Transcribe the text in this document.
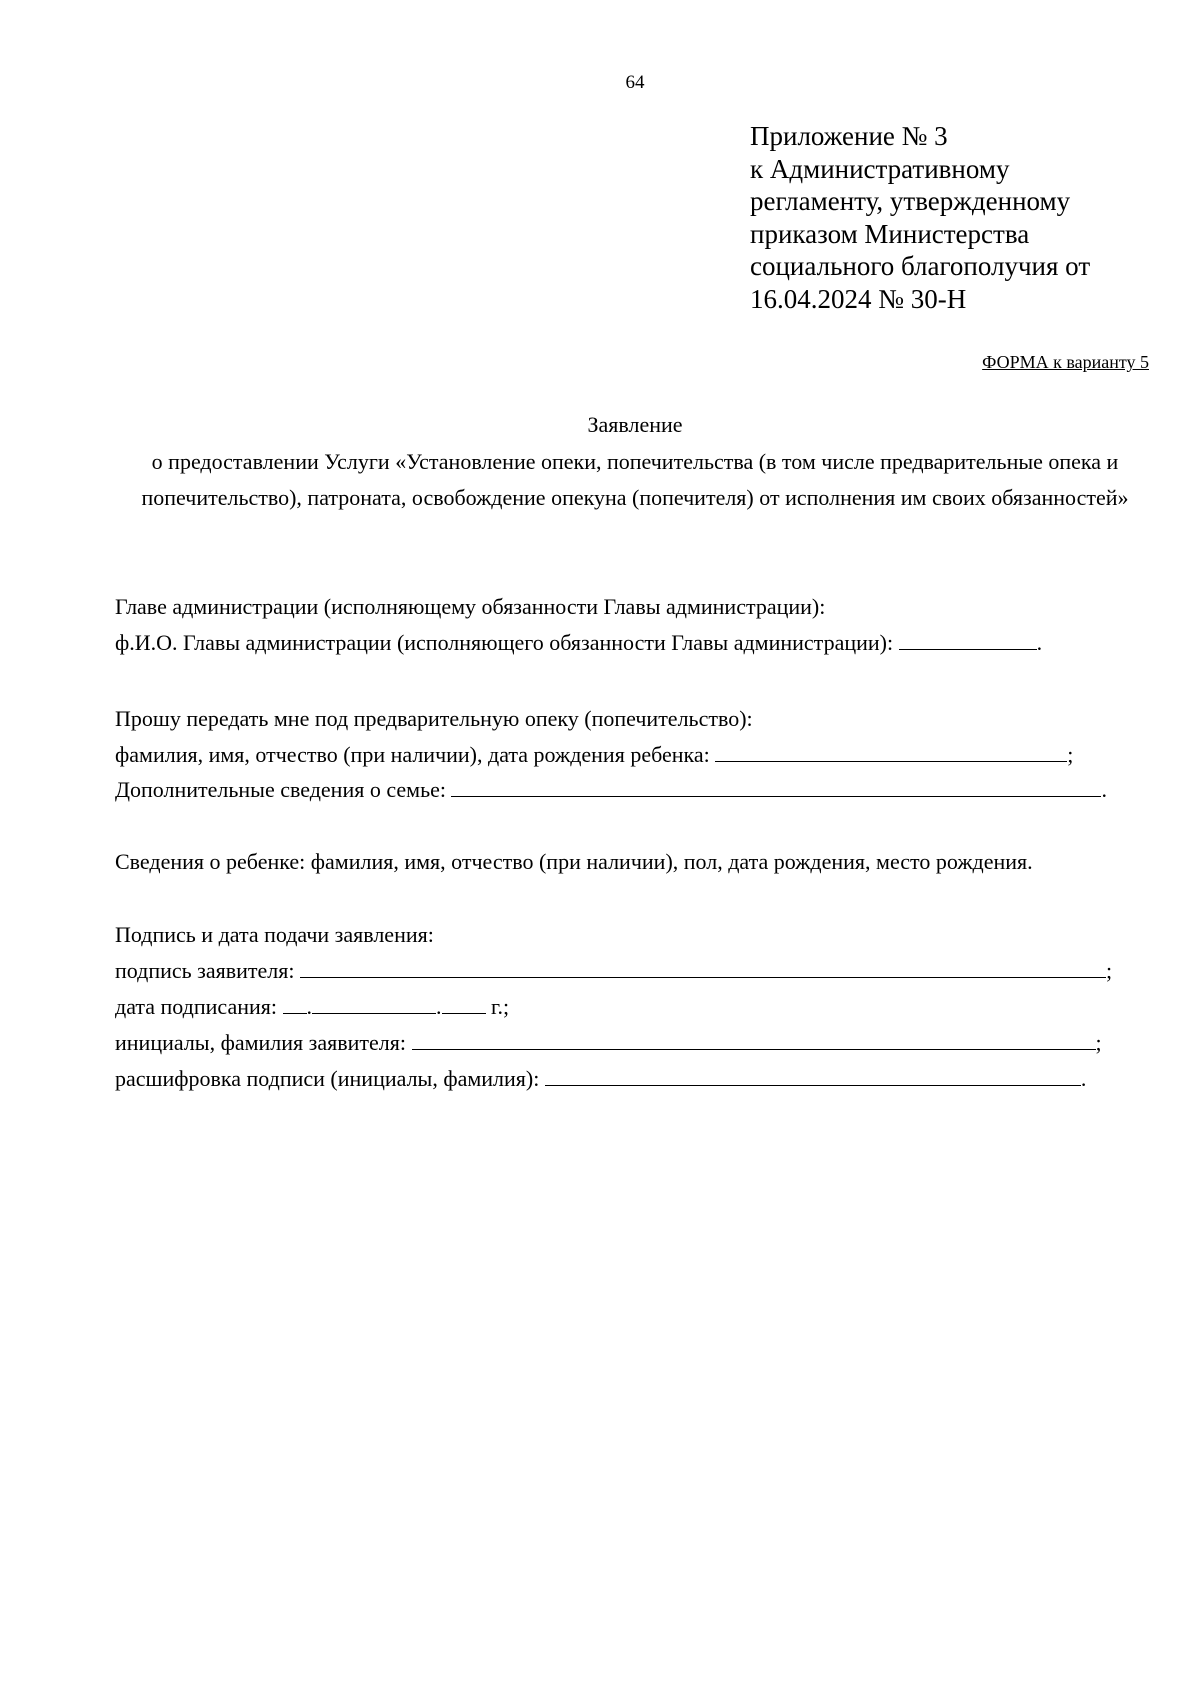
64
Приложение № 3
к Административному
регламенту, утвержденному
приказом Министерства
социального благополучия от
16.04.2024 № 30-Н
ФОРМА к варианту 5
Заявление
о предоставлении Услуги «Установление опеки, попечительства (в том числе предварительные опека и попечительство), патроната, освобождение опекуна (попечителя) от исполнения им своих обязанностей»
Главе администрации (исполняющему обязанности Главы администрации):
ф.И.О. Главы администрации (исполняющего обязанности Главы администрации):	.
Прошу передать мне под предварительную опеку (попечительство):
фамилия, имя, отчество (при наличии), дата рождения ребенка:	;
Дополнительные сведения о семье:	.
Сведения о ребенке: фамилия, имя, отчество (при наличии), пол, дата рождения, место рождения.
Подпись и дата подачи заявления:
подпись заявителя:	;
дата подписания: .	. г.;
инициалы, фамилия заявителя:	;
расшифровка подписи (инициалы, фамилия):	.
